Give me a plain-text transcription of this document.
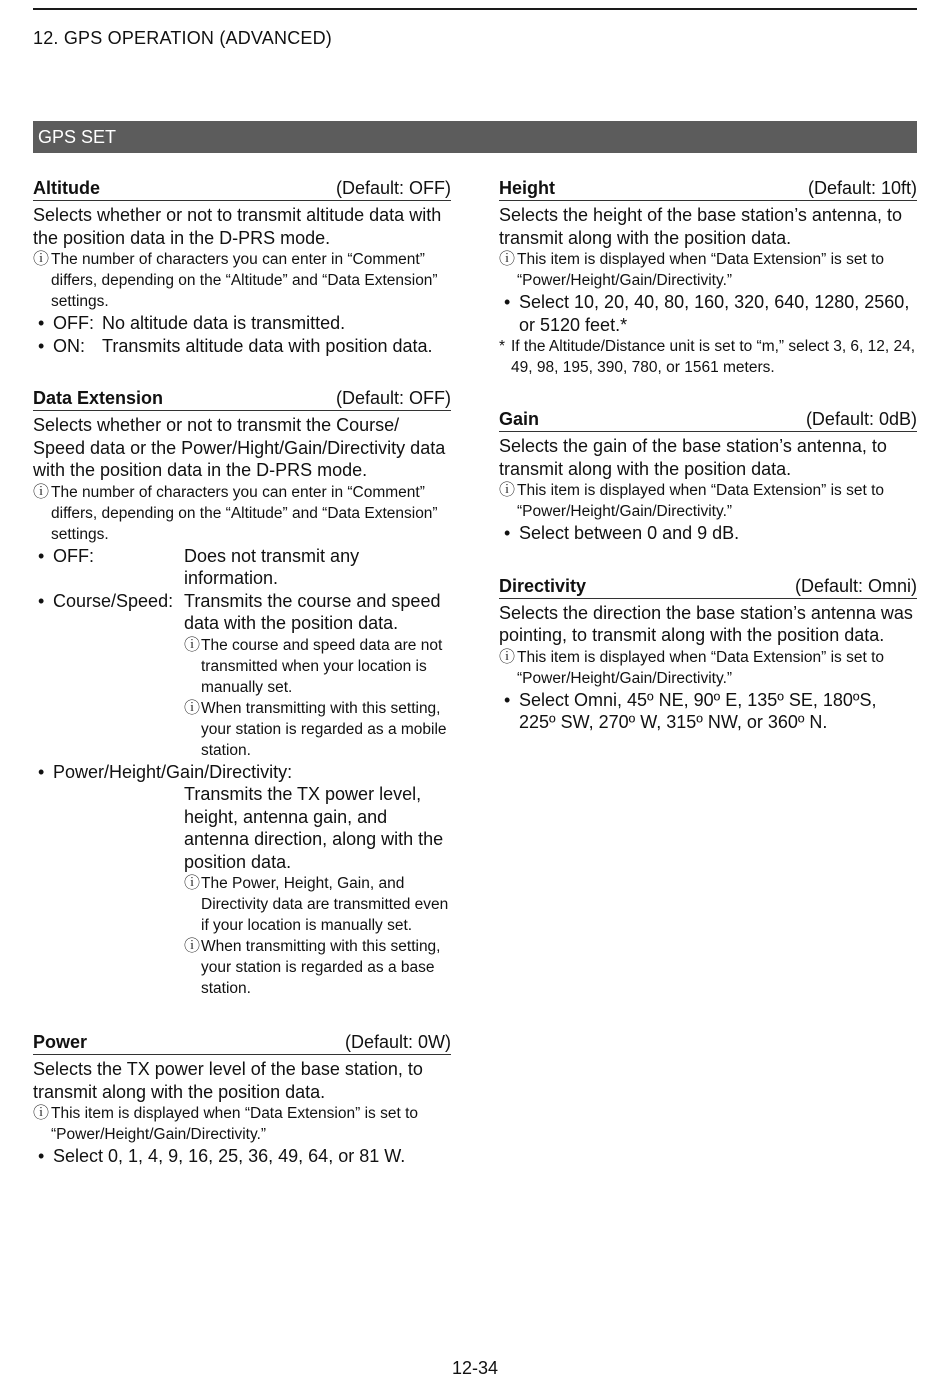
12. GPS OPERATION (ADVANCED)
GPS SET
Altitude	(Default: OFF)
Selects whether or not to transmit altitude data with the position data in the D-PRS mode.
ⓘ The number of characters you can enter in “Comment” differs, depending on the “Altitude” and “Data Extension” settings.
• OFF: No altitude data is transmitted.
• ON: Transmits altitude data with position data.
Data Extension	(Default: OFF)
Selects whether or not to transmit the Course/ Speed data or the Power/Hight/Gain/Directivity data with the position data in the D-PRS mode.
ⓘ The number of characters you can enter in “Comment” differs, depending on the “Altitude” and “Data Extension” settings.
• OFF:	Does not transmit any information.
• Course/Speed: Transmits the course and speed data with the position data.
ⓘ The course and speed data are not transmitted when your location is manually set.
ⓘ When transmitting with this setting, your station is regarded as a mobile station.
• Power/Height/Gain/Directivity:
Transmits the TX power level, height, antenna gain, and antenna direction, along with the position data.
ⓘ The Power, Height, Gain, and Directivity data are transmitted even if your location is manually set.
ⓘ When transmitting with this setting, your station is regarded as a base station.
Power	(Default: 0W)
Selects the TX power level of the base station, to transmit along with the position data.
ⓘ This item is displayed when “Data Extension” is set to “Power/Height/Gain/Directivity.”
• Select 0, 1, 4, 9, 16, 25, 36, 49, 64, or 81 W.
Height	(Default: 10ft)
Selects the height of the base station’s antenna, to transmit along with the position data.
ⓘ This item is displayed when “Data Extension” is set to “Power/Height/Gain/Directivity.”
• Select 10, 20, 40, 80, 160, 320, 640, 1280, 2560, or 5120 feet.*
* If the Altitude/Distance unit is set to “m,” select 3, 6, 12, 24, 49, 98, 195, 390, 780, or 1561 meters.
Gain	(Default: 0dB)
Selects the gain of the base station’s antenna, to transmit along with the position data.
ⓘ This item is displayed when “Data Extension” is set to “Power/Height/Gain/Directivity.”
• Select between 0 and 9 dB.
Directivity	(Default: Omni)
Selects the direction the base station’s antenna was pointing, to transmit along with the position data.
ⓘ This item is displayed when “Data Extension” is set to “Power/Height/Gain/Directivity.”
• Select Omni, 45º NE, 90º E, 135º SE, 180ºS, 225º SW, 270º W, 315º NW, or 360º N.
12-34
